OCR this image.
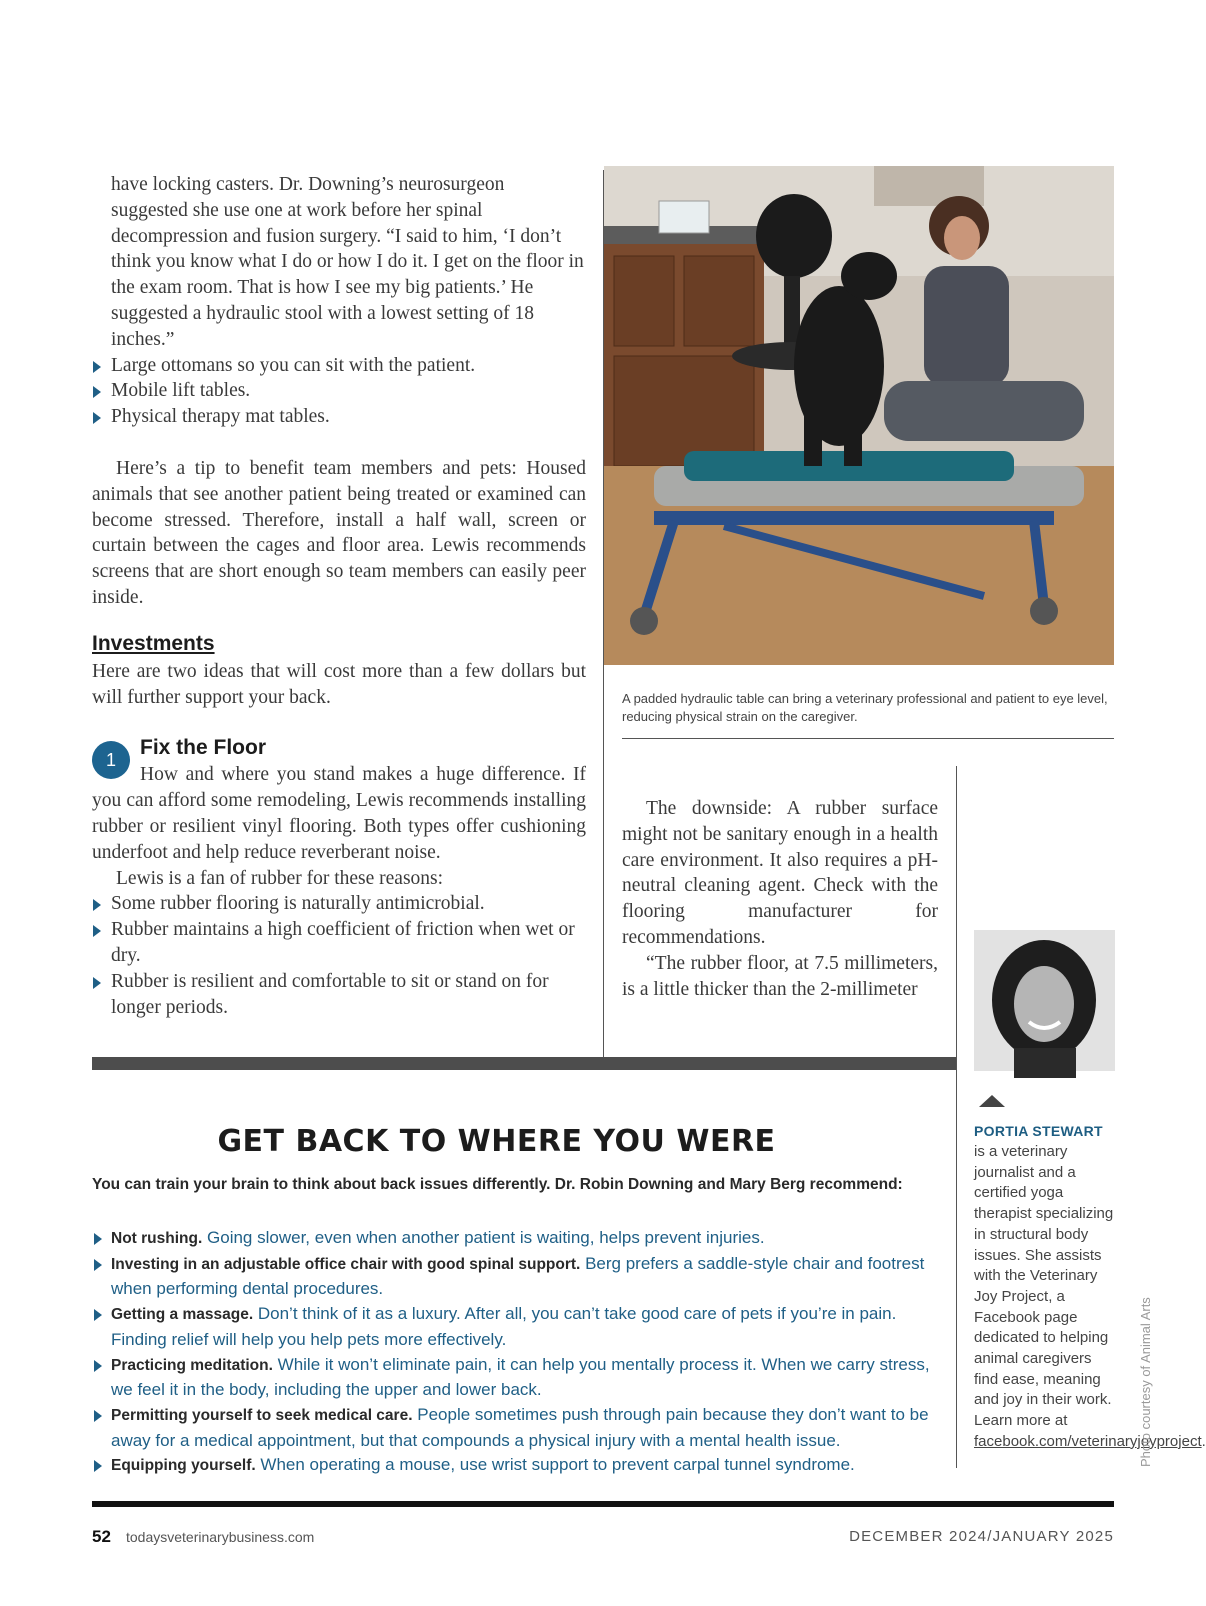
have locking casters. Dr. Downing’s neurosurgeon suggested she use one at work before her spinal decompression and fusion surgery. “I said to him, ‘I don’t think you know what I do or how I do it. I get on the floor in the exam room. That is how I see my big patients.’ He suggested a hydraulic stool with a lowest setting of 18 inches.”
Large ottomans so you can sit with the patient.
Mobile lift tables.
Physical therapy mat tables.

Here’s a tip to benefit team members and pets: Housed animals that see another patient being treated or examined can become stressed. Therefore, install a half wall, screen or curtain between the cages and floor area. Lewis recommends screens that are short enough so team members can easily peer inside.

Investments

Here are two ideas that will cost more than a few dollars but will further support your back.

1
Fix the Floor

How and where you stand makes a huge difference. If you can afford some remodeling, Lewis recommends installing rubber or resilient vinyl flooring. Both types offer cushioning underfoot and help reduce reverberant noise.

Lewis is a fan of rubber for these reasons:

Some rubber flooring is naturally antimicrobial.
Rubber maintains a high coefficient of friction when wet or dry.
Rubber is resilient and comfortable to sit or stand on for longer periods.
A padded hydraulic table can bring a veterinary professional and patient to eye level, reducing physical strain on the caregiver.

The downside: A rubber surface might not be sanitary enough in a health care environment. It also requires a pH-neutral cleaning agent. Check with the flooring manufacturer for recommendations.

“The rubber floor, at 7.5 millimeters, is a little thicker than the 2-millimeter

PORTIA STEWART
is a veterinary journalist and a certified yoga therapist specializing in structural body issues. She assists with the Veterinary Joy Project, a Facebook page dedicated to helping animal caregivers find ease, meaning and joy in their work. Learn more at facebook.com/veterinaryjoyproject.
Photo courtesy of Animal Arts
GET BACK TO WHERE YOU WERE
You can train your brain to think about back issues differently. Dr. Robin Downing and Mary Berg recommend:
Not rushing. Going slower, even when another patient is waiting, helps prevent injuries.
Investing in an adjustable office chair with good spinal support. Berg prefers a saddle-style chair and footrest when performing dental procedures.
Getting a massage. Don’t think of it as a luxury. After all, you can’t take good care of pets if you’re in pain. Finding relief will help you help pets more effectively.
Practicing meditation. While it won’t eliminate pain, it can help you mentally process it. When we carry stress, we feel it in the body, including the upper and lower back.
Permitting yourself to seek medical care. People sometimes push through pain because they don’t want to be away for a medical appointment, but that compounds a physical injury with a mental health issue.
Equipping yourself. When operating a mouse, use wrist support to prevent carpal tunnel syndrome.
52 todaysveterinarybusiness.com	DECEMBER 2024/JANUARY 2025
